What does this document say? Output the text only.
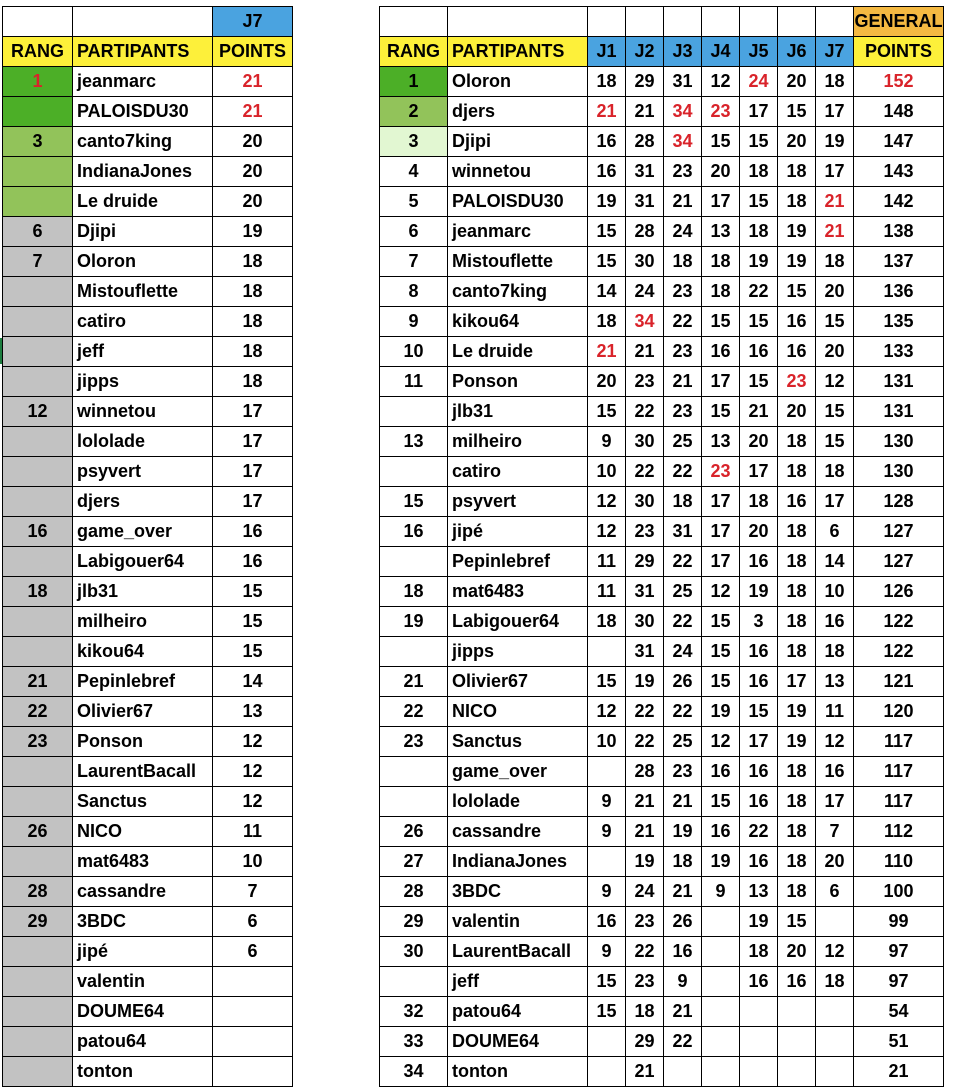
		J7
RANG	PARTIPANTS	POINTS
1	jeanmarc	21
	PALOISDU30	21
3	canto7king	20
	IndianaJones	20
	Le druide	20
6	Djipi	19
7	Oloron	18
	Mistouflette	18
	catiro	18
	jeff	18
	jipps	18
12	winnetou	17
	lololade	17
	psyvert	17
	djers	17
16	game_over	16
	Labigouer64	16
18	jlb31	15
	milheiro	15
	kikou64	15
21	Pepinlebref	14
22	Olivier67	13
23	Ponson	12
	LaurentBacall	12
	Sanctus	12
26	NICO	11
	mat6483	10
28	cassandre	7
29	3BDC	6
	jipé	6
	valentin	
	DOUME64	
	patou64	
	tonton	
									GENERAL
RANG	PARTIPANTS	J1	J2	J3	J4	J5	J6	J7	POINTS
1	Oloron	18	29	31	12	24	20	18	152
2	djers	21	21	34	23	17	15	17	148
3	Djipi	16	28	34	15	15	20	19	147
4	winnetou	16	31	23	20	18	18	17	143
5	PALOISDU30	19	31	21	17	15	18	21	142
6	jeanmarc	15	28	24	13	18	19	21	138
7	Mistouflette	15	30	18	18	19	19	18	137
8	canto7king	14	24	23	18	22	15	20	136
9	kikou64	18	34	22	15	15	16	15	135
10	Le druide	21	21	23	16	16	16	20	133
11	Ponson	20	23	21	17	15	23	12	131
	jlb31	15	22	23	15	21	20	15	131
13	milheiro	9	30	25	13	20	18	15	130
	catiro	10	22	22	23	17	18	18	130
15	psyvert	12	30	18	17	18	16	17	128
16	jipé	12	23	31	17	20	18	6	127
	Pepinlebref	11	29	22	17	16	18	14	127
18	mat6483	11	31	25	12	19	18	10	126
19	Labigouer64	18	30	22	15	3	18	16	122
	jipps		31	24	15	16	18	18	122
21	Olivier67	15	19	26	15	16	17	13	121
22	NICO	12	22	22	19	15	19	11	120
23	Sanctus	10	22	25	12	17	19	12	117
	game_over		28	23	16	16	18	16	117
	lololade	9	21	21	15	16	18	17	117
26	cassandre	9	21	19	16	22	18	7	112
27	IndianaJones		19	18	19	16	18	20	110
28	3BDC	9	24	21	9	13	18	6	100
29	valentin	16	23	26		19	15		99
30	LaurentBacall	9	22	16		18	20	12	97
	jeff	15	23	9		16	16	18	97
32	patou64	15	18	21					54
33	DOUME64		29	22					51
34	tonton		21						21
